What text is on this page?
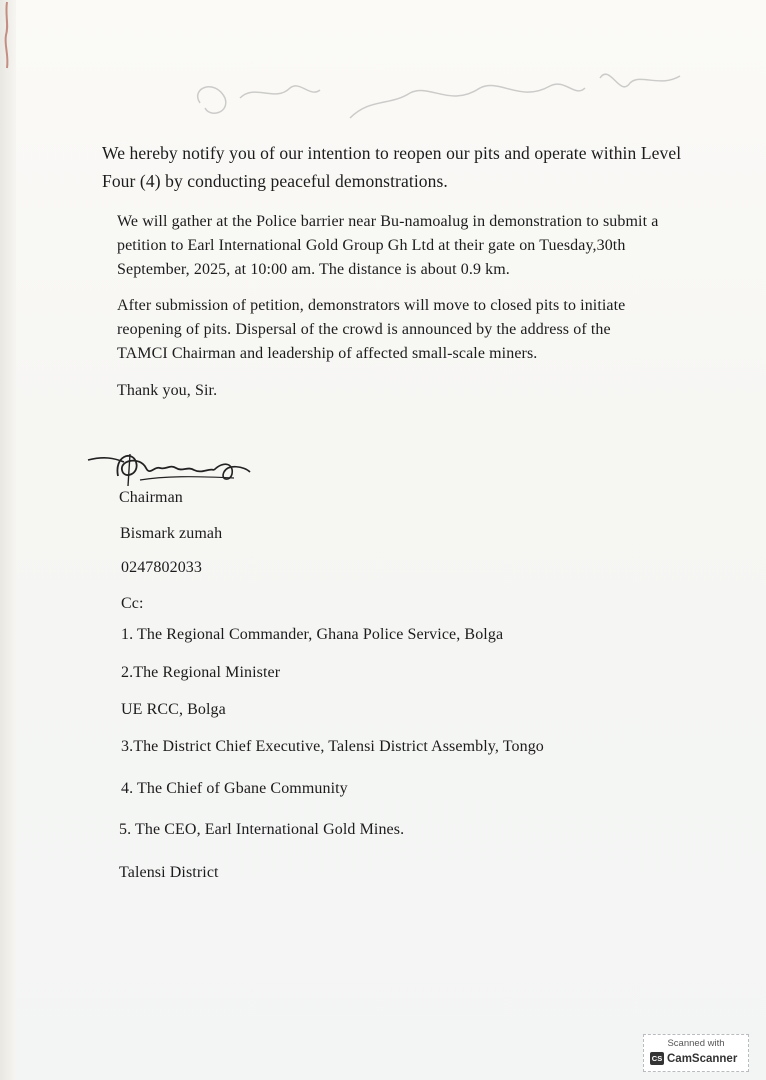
We hereby notify you of our intention to reopen our pits and operate within Level
Four (4) by conducting peaceful demonstrations.
We will gather at the Police barrier near Bu-namoalug in demonstration to submit a
petition to Earl International Gold Group Gh Ltd at their gate on Tuesday,30th
September, 2025, at 10:00 am. The distance is about 0.9 km.
After submission of petition, demonstrators will move to closed pits to initiate
reopening of pits. Dispersal of the crowd is announced by the address of the
TAMCI Chairman and leadership of affected small-scale miners.
Thank you, Sir.
Chairman
Bismark zumah
0247802033
Cc:
1. The Regional Commander, Ghana Police Service, Bolga
2.The Regional Minister
UE RCC, Bolga
3.The District Chief Executive, Talensi District Assembly, Tongo
4. The Chief of Gbane Community
5. The CEO, Earl International Gold Mines.
Talensi District
Scanned with
CS CamScanner
